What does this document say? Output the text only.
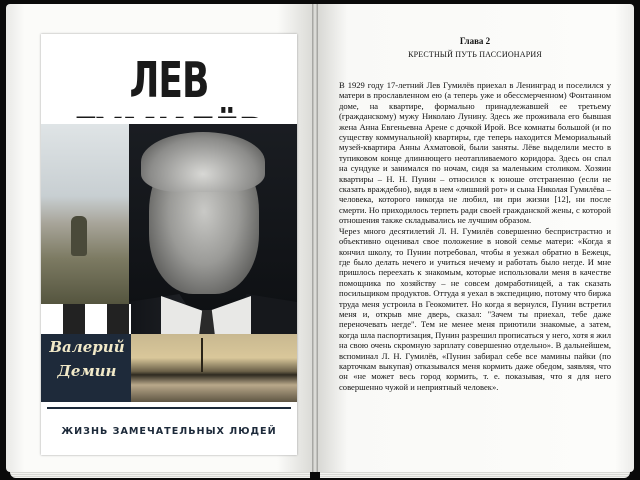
ЛЕВ
Валерий
Демин
ЖИЗНЬ ЗАМЕЧАТЕЛЬНЫХ ЛЮДЕЙ
Глава 2
КРЕСТНЫЙ ПУТЬ ПАССИОНАРИЯ

В 1929 году 17-летний Лев Гумилёв приехал в Ленинград и поселился у матери в прославленном ею (а теперь уже и обессмерченном) Фонтанном доме, на квартире, формально принадлежавшей ее третьему (гражданскому) мужу Николаю Лунину. Здесь же проживала его бывшая жена Анна Евгеньевна Арене с дочкой Ирой. Все комнаты большой (и по существу коммунальной) квартиры, где теперь находится Мемориальный музей-квартира Анны Ахматовой, были заняты. Лёве выделили место в тупиковом конце длиннющего неотапливаемого коридора. Здесь он спал на сундуке и занимался по ночам, сидя за маленьким столиком. Хозяин квартиры – Н. Н. Пунин – относился к юноше отстраненно (если не сказать враждебно), видя в нем «лишний рот» и сына Николая Гумилёва – человека, которого никогда не любил, ни при жизни [12], ни после смерти. Но приходилось терпеть ради своей гражданской жены, с которой отношения также складывались не лучшим образом.

Через много десятилетий Л. Н. Гумилёв совершенно беспристрастно и объективно оценивал свое положение в новой семье матери: «Когда я кончил школу, то Пунин потребовал, чтобы я уезжал обратно в Бежецк, где было делать нечего и учиться нечему и работать было негде. И мне пришлось переехать к знакомым, которые использовали меня в качестве помощника по хозяйству – не совсем домработницей, а так сказать посильщиком продуктов. Оттуда я уехал в экспедицию, потому что биржа труда меня устроила в Геокомитет. Но когда я вернулся, Пунин встретил меня и, открыв мне дверь, сказал: "Зачем ты приехал, тебе даже переночевать негде". Тем не менее меня приютили знакомые, а затем, когда шла паспортизация, Пунин разрешил прописаться у него, хотя я жил на свою очень скромную зарплату совершенно отдельно». В дальнейшем, вспоминал Л. Н. Гумилёв, «Пунин забирал себе все мамины пайки (по карточкам выкупая) отказывался меня кормить даже обедом, заявляя, что он «не может весь город кормить, т. е. показывая, что я для него совершенно чужой и неприятный человек».
